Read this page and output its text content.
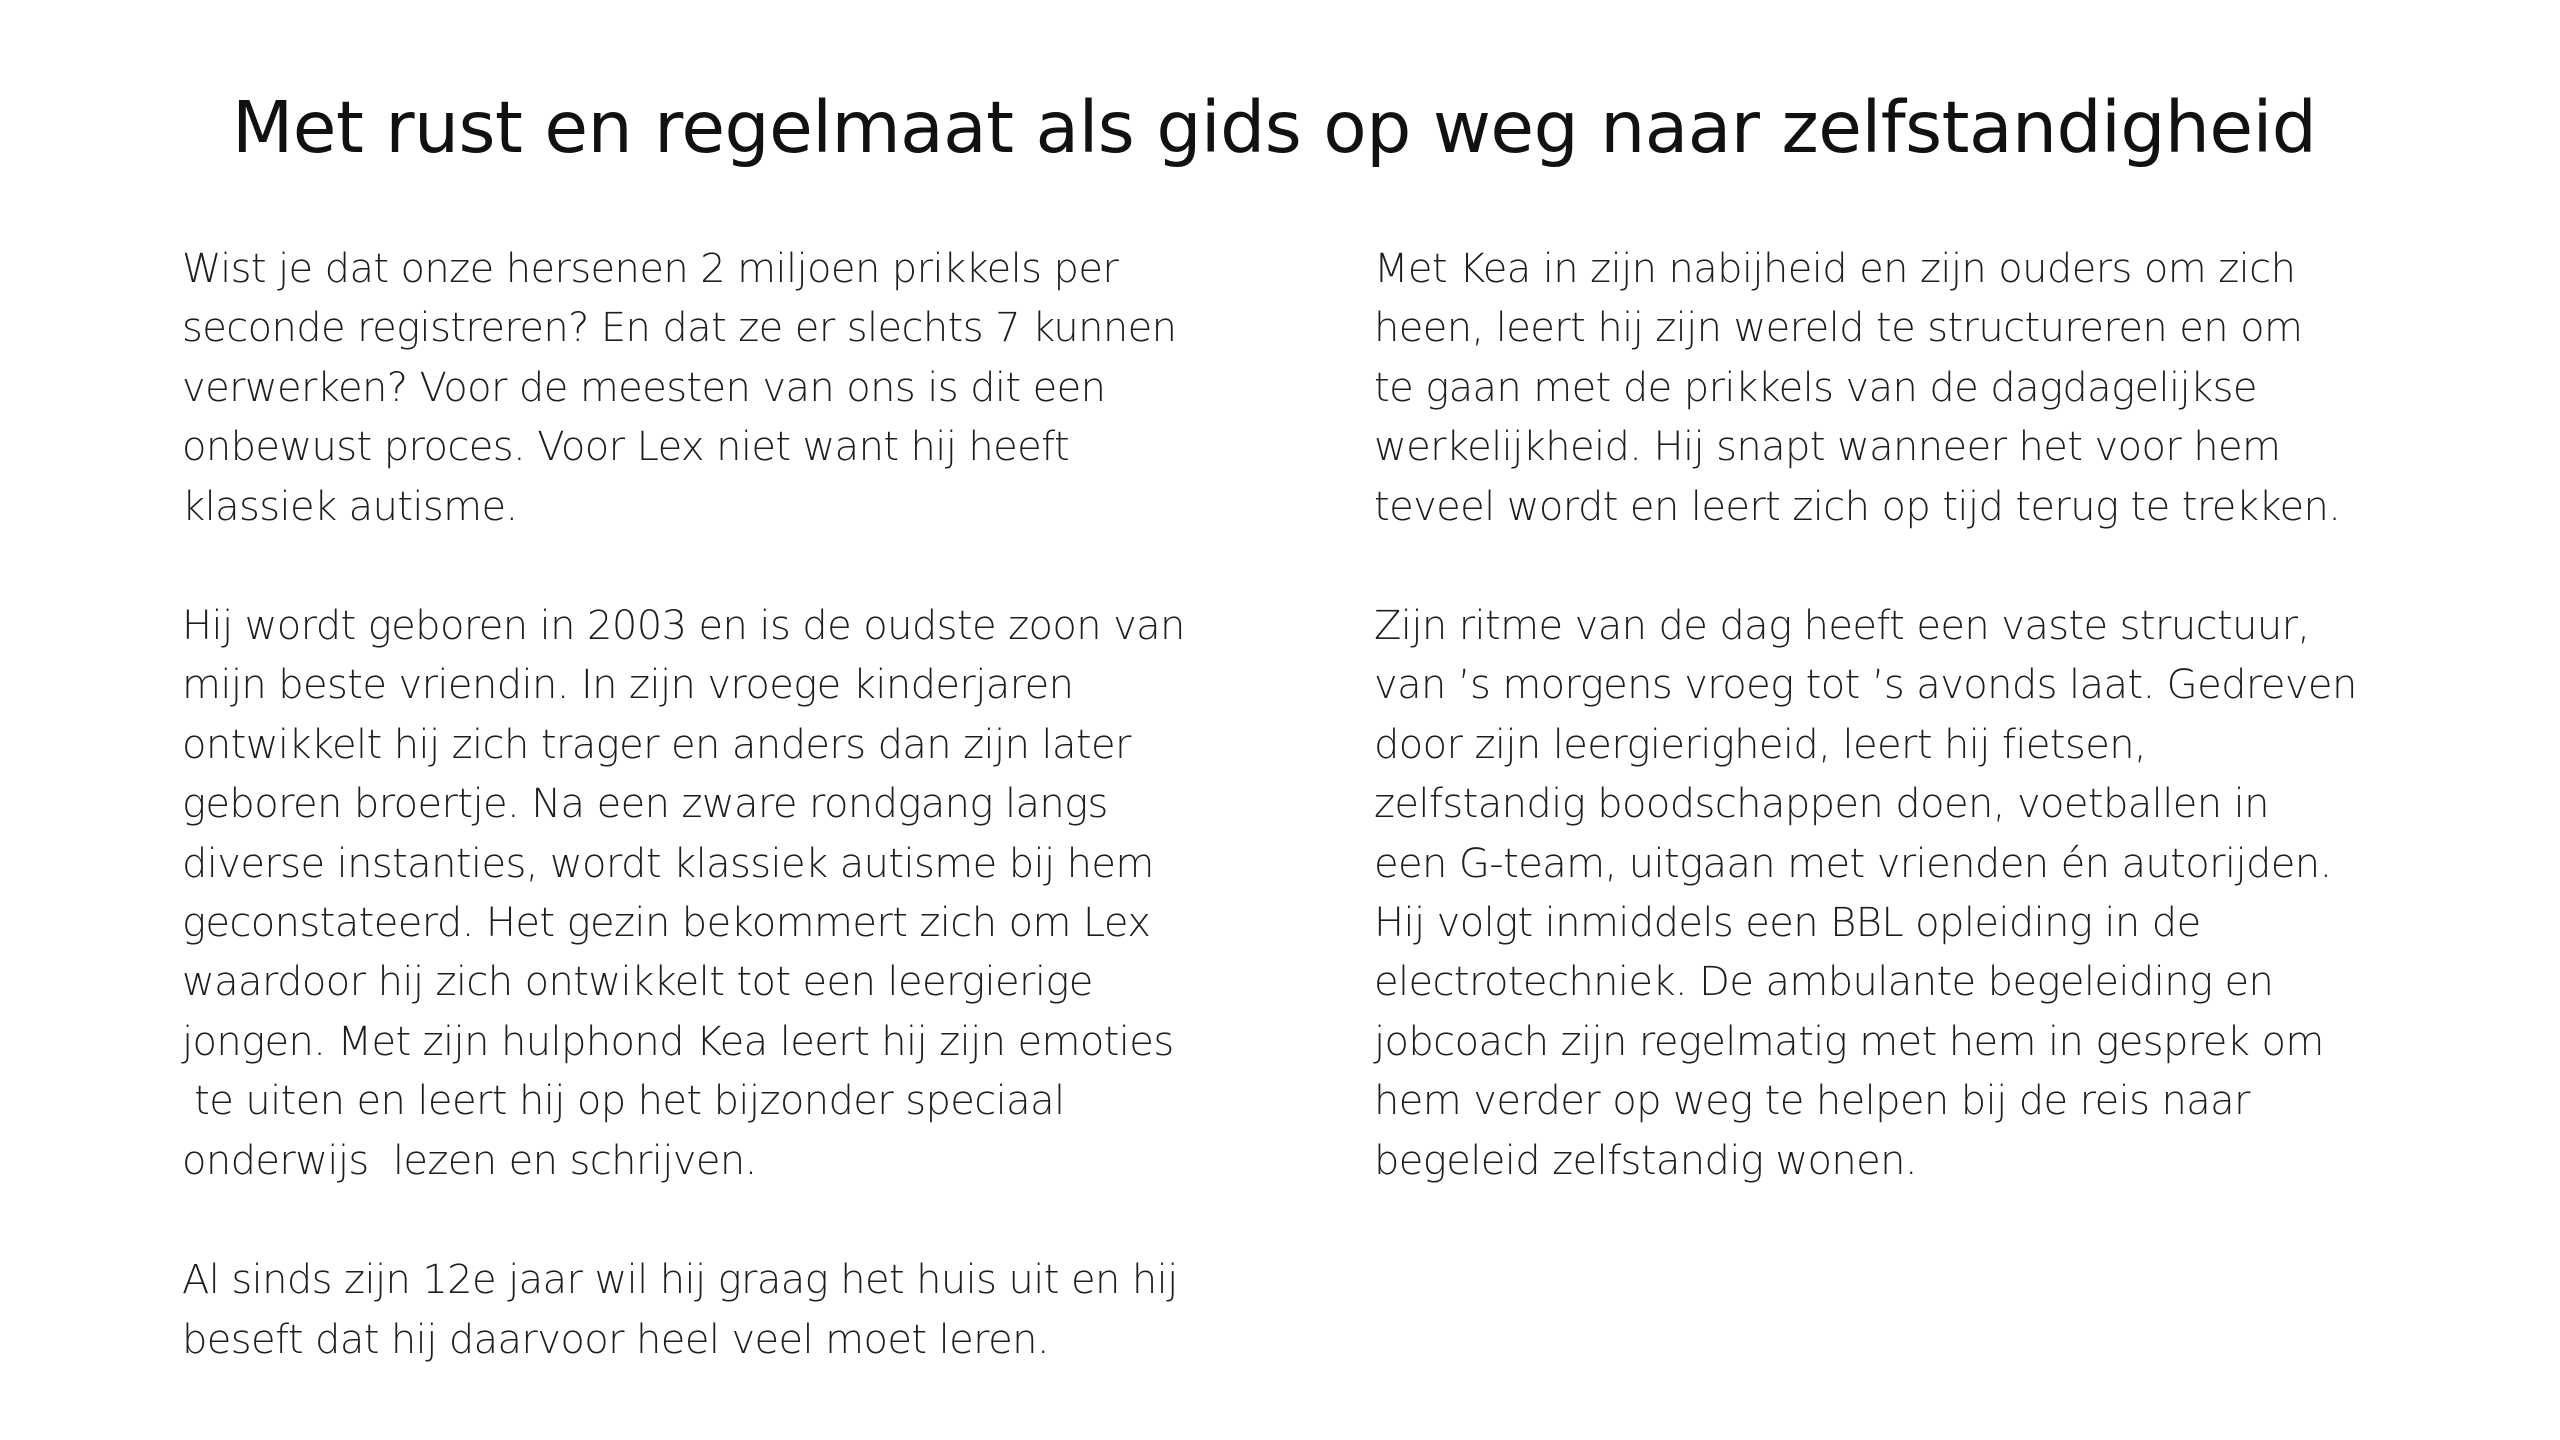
Met rust en regelmaat als gids op weg naar zelfstandigheid

Wist je dat onze hersenen 2 miljoen prikkels per
seconde registreren? En dat ze er slechts 7 kunnen
verwerken? Voor de meesten van ons is dit een
onbewust proces. Voor Lex niet want hij heeft
klassiek autisme.

Hij wordt geboren in 2003 en is de oudste zoon van
mijn beste vriendin. In zijn vroege kinderjaren
ontwikkelt hij zich trager en anders dan zijn later
geboren broertje. Na een zware rondgang langs
diverse instanties, wordt klassiek autisme bij hem
geconstateerd. Het gezin bekommert zich om Lex
waardoor hij zich ontwikkelt tot een leergierige
jongen. Met zijn hulphond Kea leert hij zijn emoties
te uiten en leert hij op het bijzonder speciaal
onderwijs  lezen en schrijven.

Al sinds zijn 12e jaar wil hij graag het huis uit en hij
beseft dat hij daarvoor heel veel moet leren.

Met Kea in zijn nabijheid en zijn ouders om zich
heen, leert hij zijn wereld te structureren en om
te gaan met de prikkels van de dagdagelijkse
werkelijkheid. Hij snapt wanneer het voor hem
teveel wordt en leert zich op tijd terug te trekken.

Zijn ritme van de dag heeft een vaste structuur,
van ’s morgens vroeg tot ’s avonds laat. Gedreven
door zijn leergierigheid, leert hij fietsen,
zelfstandig boodschappen doen, voetballen in
een G-team, uitgaan met vrienden én autorijden.
Hij volgt inmiddels een BBL opleiding in de
electrotechniek. De ambulante begeleiding en
jobcoach zijn regelmatig met hem in gesprek om
hem verder op weg te helpen bij de reis naar
begeleid zelfstandig wonen.
